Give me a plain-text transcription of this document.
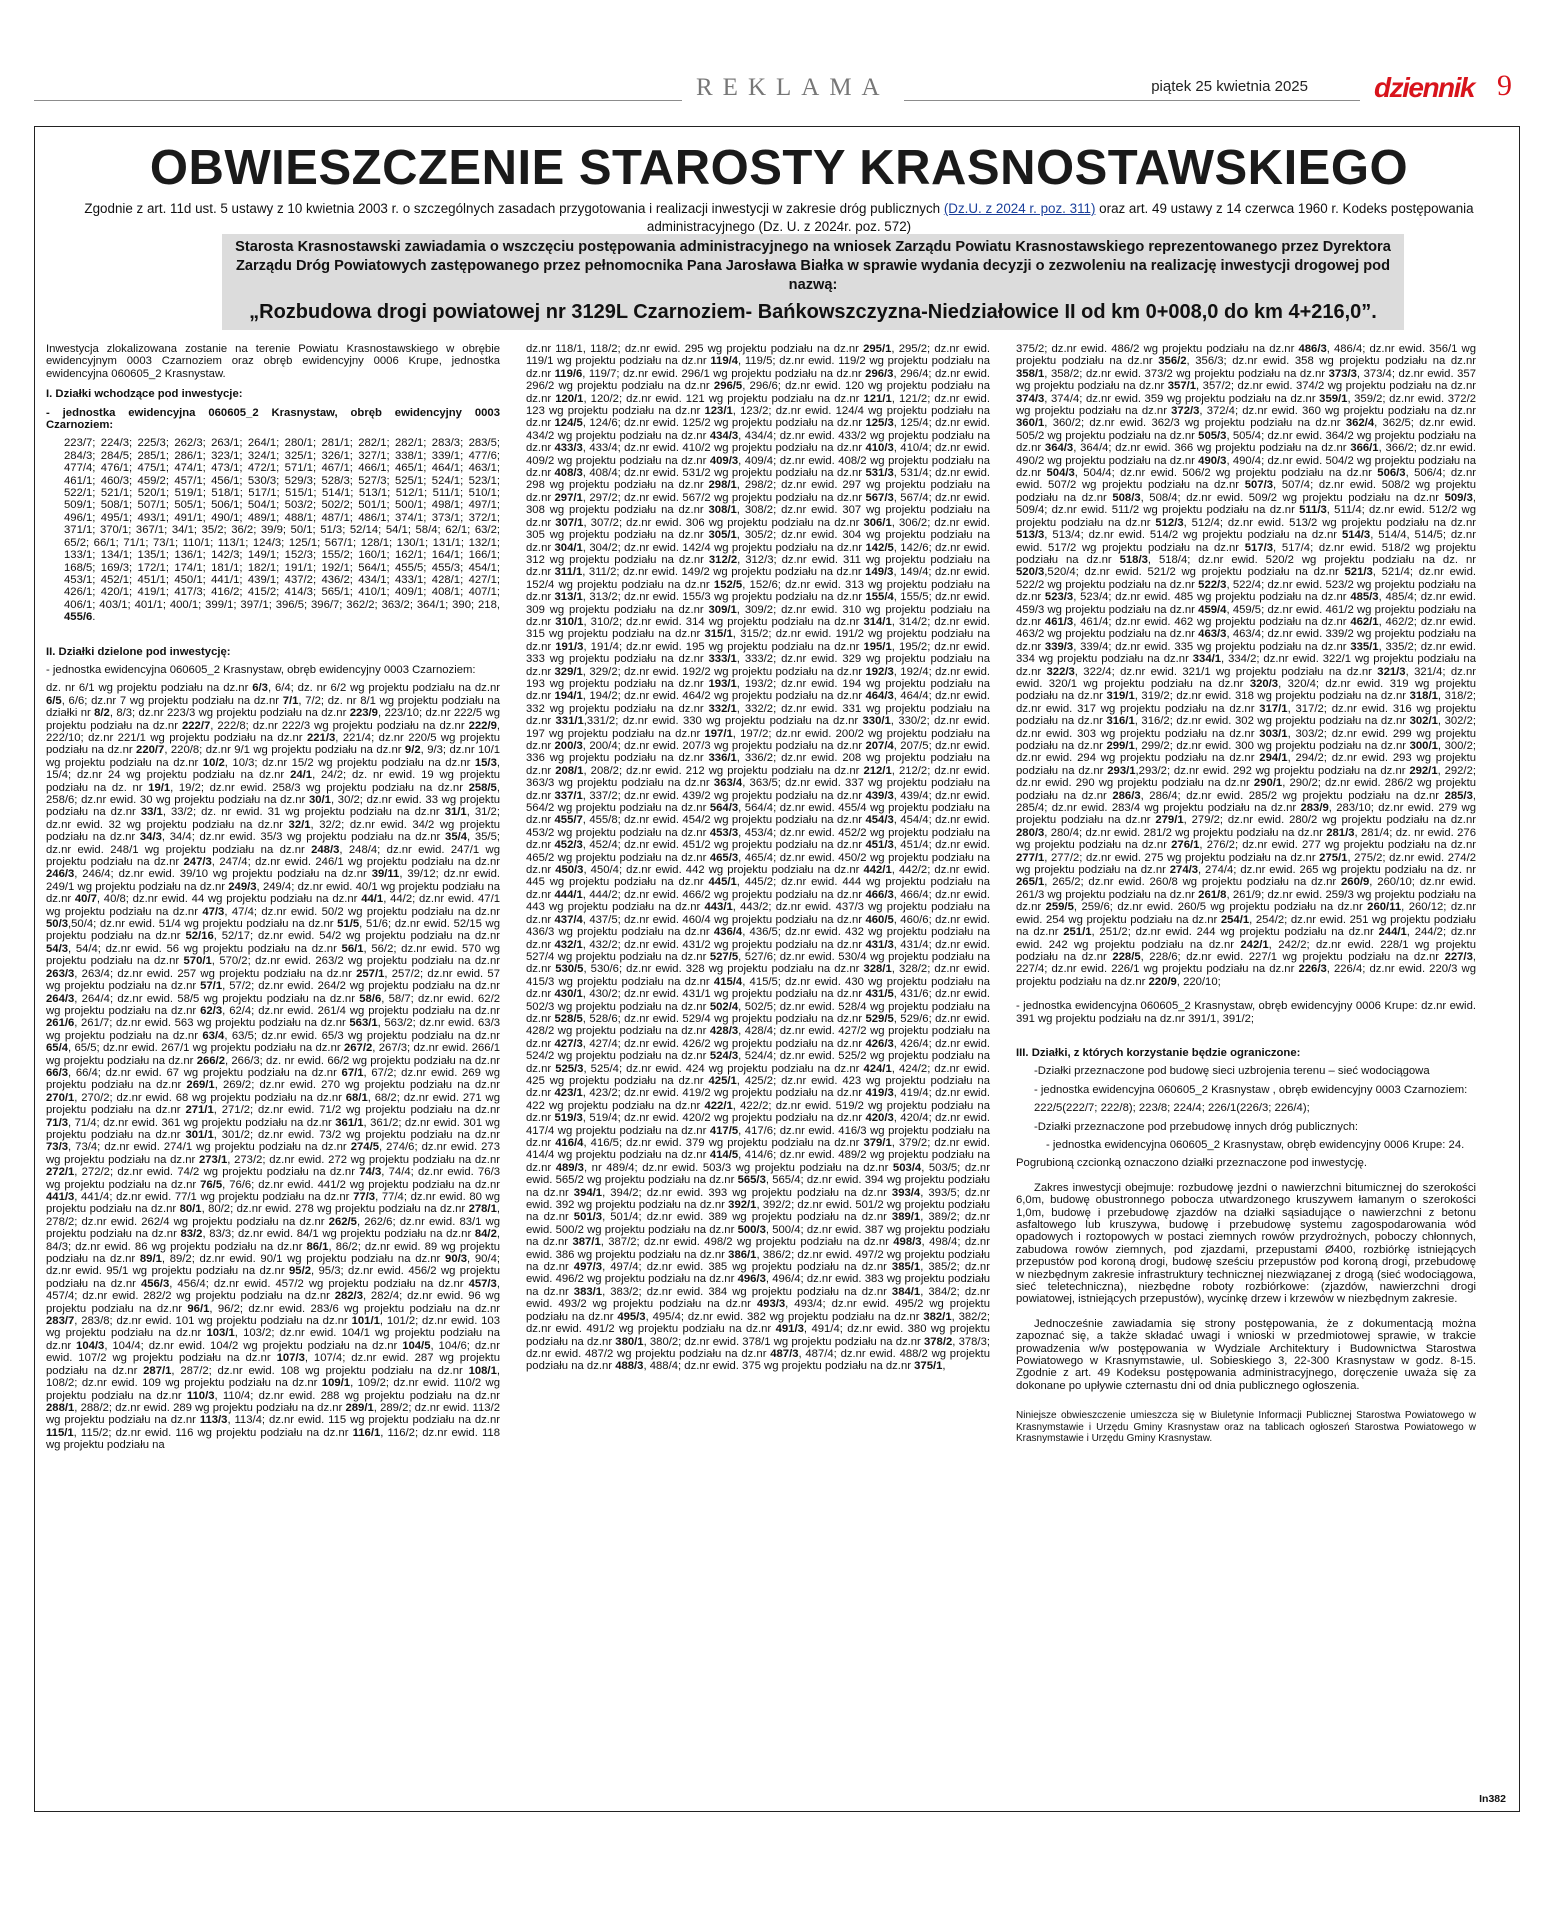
REKLAMA	piątek 25 kwietnia 2025 dziennik 9
OBWIESZCZENIE STAROSTY KRASNOSTAWSKIEGO
Zgodnie z art. 11d ust. 5 ustawy z 10 kwietnia 2003 r. o szczególnych zasadach przygotowania i realizacji inwestycji w zakresie dróg publicznych (Dz.U. z 2024 r. poz. 311) oraz art. 49 ustawy z 14 czerwca 1960 r. Kodeks postępowania administracyjnego (Dz. U. z 2024r. poz. 572)
Starosta Krasnostawski zawiadamia o wszczęciu postępowania administracyjnego na wniosek Zarządu Powiatu Krasnostawskiego reprezentowanego przez Dyrektora Zarządu Dróg Powiatowych zastępowanego przez pełnomocnika Pana Jarosława Białka w sprawie wydania decyzji o zezwoleniu na realizację inwestycji drogowej pod nazwą:
„Rozbudowa drogi powiatowej nr 3129L Czarnoziem- Bańkowszczyzna-Niedziałowice II od km 0+008,0 do km 4+216,0”.

Inwestycja zlokalizowana zostanie na terenie Powiatu Krasnostawskiego w obrębie ewidencyjnym 0003 Czarnoziem oraz obręb ewidencyjny 0006 Krupe, jednostka ewidencyjna 060605_2 Krasnystaw.

I. Działki wchodzące pod inwestycje:

- jednostka ewidencyjna 060605_2 Krasnystaw, obręb ewidencyjny 0003 Czarnoziem:

223/7; 224/3; 225/3; 262/3; 263/1; 264/1; 280/1; 281/1; 282/1; 282/1; 283/3; 283/5; 284/3; 284/5; 285/1; 286/1; 323/1; 324/1; 325/1; 326/1; 327/1; 338/1; 339/1; 477/6; 477/4; 476/1; 475/1; 474/1; 473/1; 472/1; 571/1; 467/1; 466/1; 465/1; 464/1; 463/1; 461/1; 460/3; 459/2; 457/1; 456/1; 530/3; 529/3; 528/3; 527/3; 525/1; 524/1; 523/1; 522/1; 521/1; 520/1; 519/1; 518/1; 517/1; 515/1; 514/1; 513/1; 512/1; 511/1; 510/1; 509/1; 508/1; 507/1; 505/1; 506/1; 504/1; 503/2; 502/2; 501/1; 500/1; 498/1; 497/1; 496/1; 495/1; 493/1; 491/1; 490/1; 489/1; 488/1; 487/1; 486/1; 374/1; 373/1; 372/1; 371/1; 370/1; 367/1; 34/1; 35/2; 36/2; 39/9; 50/1; 51/3; 52/14; 54/1; 58/4; 62/1; 63/2; 65/2; 66/1; 71/1; 73/1; 110/1; 113/1; 124/3; 125/1; 567/1; 128/1; 130/1; 131/1; 132/1; 133/1; 134/1; 135/1; 136/1; 142/3; 149/1; 152/3; 155/2; 160/1; 162/1; 164/1; 166/1; 168/5; 169/3; 172/1; 174/1; 181/1; 182/1; 191/1; 192/1; 564/1; 455/5; 455/3; 454/1; 453/1; 452/1; 451/1; 450/1; 441/1; 439/1; 437/2; 436/2; 434/1; 433/1; 428/1; 427/1; 426/1; 420/1; 419/1; 417/3; 416/2; 415/2; 414/3; 565/1; 410/1; 409/1; 408/1; 407/1; 406/1; 403/1; 401/1; 400/1; 399/1; 397/1; 396/5; 396/7; 362/2; 363/2; 364/1; 390; 218, 455/6.

II. Działki dzielone pod inwestycję:

- jednostka ewidencyjna 060605_2 Krasnystaw, obręb ewidencyjny 0003 Czarnoziem:

dz. nr 6/1 wg projektu podziału na dz.nr 6/3, 6/4; dz. nr 6/2 wg projektu podziału na dz.nr 6/5, 6/6; dz.nr 7 wg projektu podziału na dz.nr 7/1, 7/2; dz. nr 8/1 wg projektu podziału na działki nr 8/2, 8/3; dz.nr 223/3 wg projektu podziału na dz.nr 223/9, 223/10; dz.nr 222/5 wg projektu podziału na dz.nr 222/7, 222/8; dz.nr 222/3 wg projektu podziału na dz.nr 222/9, 222/10; dz.nr 221/1 wg projektu podziału na dz.nr 221/3, 221/4; dz.nr 220/5 wg projektu podziału na dz.nr 220/7, 220/8; dz.nr 9/1 wg projektu podziału na dz.nr 9/2, 9/3; dz.nr 10/1 wg projektu podziału na dz.nr 10/2, 10/3; dz.nr 15/2 wg projektu podziału na dz.nr 15/3, 15/4; dz.nr 24 wg projektu podziału na dz.nr 24/1, 24/2; dz. nr ewid. 19 wg projektu podziału na dz. nr 19/1, 19/2; dz.nr ewid. 258/3 wg projektu podziału na dz.nr 258/5, 258/6; dz.nr ewid. 30 wg projektu podziału na dz.nr 30/1, 30/2; dz.nr ewid. 33 wg projektu podziału na dz.nr 33/1, 33/2; dz. nr ewid. 31 wg projektu podziału na dz.nr 31/1, 31/2; dz.nr ewid. 32 wg projektu podziału na dz.nr 32/1, 32/2; dz.nr ewid. 34/2 wg projektu podziału na dz.nr 34/3, 34/4; dz.nr ewid. 35/3 wg projektu podziału na dz.nr 35/4, 35/5; dz.nr ewid. 248/1 wg projektu podziału na dz.nr 248/3, 248/4; dz.nr ewid. 247/1 wg projektu podziału na dz.nr 247/3, 247/4; dz.nr ewid. 246/1 wg projektu podziału na dz.nr 246/3, 246/4; dz.nr ewid. 39/10 wg projektu podziału na dz.nr 39/11, 39/12; dz.nr ewid. 249/1 wg projektu podziału na dz.nr 249/3, 249/4; dz.nr ewid. 40/1 wg projektu podziału na dz.nr 40/7, 40/8; dz.nr ewid. 44 wg projektu podziału na dz.nr 44/1, 44/2; dz.nr ewid. 47/1 wg projektu podziału na dz.nr 47/3, 47/4; dz.nr ewid. 50/2 wg projektu podziału na dz.nr 50/3,50/4; dz.nr ewid. 51/4 wg projektu podziału na dz.nr 51/5, 51/6; dz.nr ewid. 52/15 wg projektu podziału na dz.nr 52/16, 52/17; dz.nr ewid. 54/2 wg projektu podziału na dz.nr 54/3, 54/4; dz.nr ewid. 56 wg projektu podziału na dz.nr 56/1, 56/2; dz.nr ewid. 570 wg projektu podziału na dz.nr 570/1, 570/2; dz.nr ewid. 263/2 wg projektu podziału na dz.nr 263/3, 263/4; dz.nr ewid. 257 wg projektu podziału na dz.nr 257/1, 257/2; dz.nr ewid. 57 wg projektu podziału na dz.nr 57/1, 57/2; dz.nr ewid. 264/2 wg projektu podziału na dz.nr 264/3, 264/4; dz.nr ewid. 58/5 wg projektu podziału na dz.nr 58/6, 58/7; dz.nr ewid. 62/2 wg projektu podziału na dz.nr 62/3, 62/4; dz.nr ewid. 261/4 wg projektu podziału na dz.nr 261/6, 261/7; dz.nr ewid. 563 wg projektu podziału na dz.nr 563/1, 563/2; dz.nr ewid. 63/3 wg projektu podziału na dz.nr 63/4, 63/5; dz.nr ewid. 65/3 wg projektu podziału na dz.nr 65/4, 65/5; dz.nr ewid. 267/1 wg projektu podziału na dz.nr 267/2, 267/3; dz.nr ewid. 266/1 wg projektu podziału na dz.nr 266/2, 266/3; dz. nr ewid. 66/2 wg projektu podziału na dz.nr 66/3, 66/4; dz.nr ewid. 67 wg projektu podziału na dz.nr 67/1, 67/2; dz.nr ewid. 269 wg projektu podziału na dz.nr 269/1, 269/2; dz.nr ewid. 270 wg projektu podziału na dz.nr 270/1, 270/2; dz.nr ewid. 68 wg projektu podziału na dz.nr 68/1, 68/2; dz.nr ewid. 271 wg projektu podziału na dz.nr 271/1, 271/2; dz.nr ewid. 71/2 wg projektu podziału na dz.nr 71/3, 71/4; dz.nr ewid. 361 wg projektu podziału na dz.nr 361/1, 361/2; dz.nr ewid. 301 wg projektu podziału na dz.nr 301/1, 301/2; dz.nr ewid. 73/2 wg projektu podziału na dz.nr 73/3, 73/4; dz.nr ewid. 274/1 wg projektu podziału na dz.nr 274/5, 274/6; dz.nr ewid. 273 wg projektu podziału na dz.nr 273/1, 273/2; dz.nr ewid. 272 wg projektu podziału na dz.nr 272/1, 272/2; dz.nr ewid. 74/2 wg projektu podziału na dz.nr 74/3, 74/4; dz.nr ewid. 76/3 wg projektu podziału na dz.nr 76/5, 76/6; dz.nr ewid. 441/2 wg projektu podziału na dz.nr 441/3, 441/4; dz.nr ewid. 77/1 wg projektu podziału na dz.nr 77/3, 77/4; dz.nr ewid. 80 wg projektu podziału na dz.nr 80/1, 80/2; dz.nr ewid. 278 wg projektu podziału na dz.nr 278/1, 278/2; dz.nr ewid. 262/4 wg projektu podziału na dz.nr 262/5, 262/6; dz.nr ewid. 83/1 wg projektu podziału na dz.nr 83/2, 83/3; dz.nr ewid. 84/1 wg projektu podziału na dz.nr 84/2, 84/3; dz.nr ewid. 86 wg projektu podziału na dz.nr 86/1, 86/2; dz.nr ewid. 89 wg projektu podziału na dz.nr 89/1, 89/2; dz.nr ewid. 90/1 wg projektu podziału na dz.nr 90/3, 90/4; dz.nr ewid. 95/1 wg projektu podziału na dz.nr 95/2, 95/3; dz.nr ewid. 456/2 wg projektu podziału na dz.nr 456/3, 456/4; dz.nr ewid. 457/2 wg projektu podziału na dz.nr 457/3, 457/4; dz.nr ewid. 282/2 wg projektu podziału na dz.nr 282/3, 282/4; dz.nr ewid. 96 wg projektu podziału na dz.nr 96/1, 96/2; dz.nr ewid. 283/6 wg projektu podziału na dz.nr 283/7, 283/8; dz.nr ewid. 101 wg projektu podziału na dz.nr 101/1, 101/2; dz.nr ewid. 103 wg projektu podziału na dz.nr 103/1, 103/2; dz.nr ewid. 104/1 wg projektu podziału na dz.nr 104/3, 104/4; dz.nr ewid. 104/2 wg projektu podziału na dz.nr 104/5, 104/6; dz.nr ewid. 107/2 wg projektu podziału na dz.nr 107/3, 107/4; dz.nr ewid. 287 wg projektu podziału na dz.nr 287/1, 287/2; dz.nr ewid. 108 wg projektu podziału na dz.nr 108/1, 108/2; dz.nr ewid. 109 wg projektu podziału na dz.nr 109/1, 109/2; dz.nr ewid. 110/2 wg projektu podziału na dz.nr 110/3, 110/4; dz.nr ewid. 288 wg projektu podziału na dz.nr 288/1, 288/2; dz.nr ewid. 289 wg projektu podziału na dz.nr 289/1, 289/2; dz.nr ewid. 113/2 wg projektu podziału na dz.nr 113/3, 113/4; dz.nr ewid. 115 wg projektu podziału na dz.nr 115/1, 115/2; dz.nr ewid. 116 wg projektu podziału na dz.nr 116/1, 116/2; dz.nr ewid. 118 wg projektu podziału na

dz.nr 118/1, 118/2; dz.nr ewid. 295 wg projektu podziału na dz.nr 295/1, 295/2; dz.nr ewid. 119/1 wg projektu podziału na dz.nr 119/4, 119/5; dz.nr ewid. 119/2 wg projektu podziału na dz.nr 119/6, 119/7; dz.nr ewid. 296/1 wg projektu podziału na dz.nr 296/3, 296/4; dz.nr ewid. 296/2 wg projektu podziału na dz.nr 296/5, 296/6; dz.nr ewid. 120 wg projektu podziału na dz.nr 120/1, 120/2; dz.nr ewid. 121 wg projektu podziału na dz.nr 121/1, 121/2; dz.nr ewid. 123 wg projektu podziału na dz.nr 123/1, 123/2; dz.nr ewid. 124/4 wg projektu podziału na dz.nr 124/5, 124/6; dz.nr ewid. 125/2 wg projektu podziału na dz.nr 125/3, 125/4; dz.nr ewid. 434/2 wg projektu podziału na dz.nr 434/3, 434/4; dz.nr ewid. 433/2 wg projektu podziału na dz.nr 433/3, 433/4; dz.nr ewid. 410/2 wg projektu podziału na dz.nr 410/3, 410/4; dz.nr ewid. 409/2 wg projektu podziału na dz.nr 409/3, 409/4; dz.nr ewid. 408/2 wg projektu podziału na dz.nr 408/3, 408/4; dz.nr ewid. 531/2 wg projektu podziału na dz.nr 531/3, 531/4; dz.nr ewid. 298 wg projektu podziału na dz.nr 298/1, 298/2; dz.nr ewid. 297 wg projektu podziału na dz.nr 297/1, 297/2; dz.nr ewid. 567/2 wg projektu podziału na dz.nr 567/3, 567/4; dz.nr ewid. 308 wg projektu podziału na dz.nr 308/1, 308/2; dz.nr ewid. 307 wg projektu podziału na dz.nr 307/1, 307/2; dz.nr ewid. 306 wg projektu podziału na dz.nr 306/1, 306/2; dz.nr ewid. 305 wg projektu podziału na dz.nr 305/1, 305/2; dz.nr ewid. 304 wg projektu podziału na dz.nr 304/1, 304/2; dz.nr ewid. 142/4 wg projektu podziału na dz.nr 142/5, 142/6; dz.nr ewid. 312 wg projektu podziału na dz.nr 312/2, 312/3; dz.nr ewid. 311 wg projektu podziału na dz.nr 311/1, 311/2; dz.nr ewid. 149/2 wg projektu podziału na dz.nr 149/3, 149/4; dz.nr ewid. 152/4 wg projektu podziału na dz.nr 152/5, 152/6; dz.nr ewid. 313 wg projektu podziału na dz.nr 313/1, 313/2; dz.nr ewid. 155/3 wg projektu podziału na dz.nr 155/4, 155/5; dz.nr ewid. 309 wg projektu podziału na dz.nr 309/1, 309/2; dz.nr ewid. 310 wg projektu podziału na dz.nr 310/1, 310/2; dz.nr ewid. 314 wg projektu podziału na dz.nr 314/1, 314/2; dz.nr ewid. 315 wg projektu podziału na dz.nr 315/1, 315/2; dz.nr ewid. 191/2 wg projektu podziału na dz.nr 191/3, 191/4; dz.nr ewid. 195 wg projektu podziału na dz.nr 195/1, 195/2; dz.nr ewid. 333 wg projektu podziału na dz.nr 333/1, 333/2; dz.nr ewid. 329 wg projektu podziału na dz.nr 329/1, 329/2; dz.nr ewid. 192/2 wg projektu podziału na dz.nr 192/3, 192/4; dz.nr ewid. 193 wg projektu podziału na dz.nr 193/1, 193/2; dz.nr ewid. 194 wg projektu podziału na dz.nr 194/1, 194/2; dz.nr ewid. 464/2 wg projektu podziału na dz.nr 464/3, 464/4; dz.nr ewid. 332 wg projektu podziału na dz.nr 332/1, 332/2; dz.nr ewid. 331 wg projektu podziału na dz.nr 331/1,331/2; dz.nr ewid. 330 wg projektu podziału na dz.nr 330/1, 330/2; dz.nr ewid. 197 wg projektu podziału na dz.nr 197/1, 197/2; dz.nr ewid. 200/2 wg projektu podziału na dz.nr 200/3, 200/4; dz.nr ewid. 207/3 wg projektu podziału na dz.nr 207/4, 207/5; dz.nr ewid. 336 wg projektu podziału na dz.nr 336/1, 336/2; dz.nr ewid. 208 wg projektu podziału na dz.nr 208/1, 208/2; dz.nr ewid. 212 wg projektu podziału na dz.nr 212/1, 212/2; dz.nr ewid. 363/3 wg projektu podziału na dz.nr 363/4, 363/5; dz.nr ewid. 337 wg projektu podziału na dz.nr 337/1, 337/2; dz.nr ewid. 439/2 wg projektu podziału na dz.nr 439/3, 439/4; dz.nr ewid. 564/2 wg projektu podziału na dz.nr 564/3, 564/4; dz.nr ewid. 455/4 wg projektu podziału na dz.nr 455/7, 455/8; dz.nr ewid. 454/2 wg projektu podziału na dz.nr 454/3, 454/4; dz.nr ewid. 453/2 wg projektu podziału na dz.nr 453/3, 453/4; dz.nr ewid. 452/2 wg projektu podziału na dz.nr 452/3, 452/4; dz.nr ewid. 451/2 wg projektu podziału na dz.nr 451/3, 451/4; dz.nr ewid. 465/2 wg projektu podziału na dz.nr 465/3, 465/4; dz.nr ewid. 450/2 wg projektu podziału na dz.nr 450/3, 450/4; dz.nr ewid. 442 wg projektu podziału na dz.nr 442/1, 442/2; dz.nr ewid. 445 wg projektu podziału na dz.nr 445/1, 445/2; dz.nr ewid. 444 wg projektu podziału na dz.nr 444/1, 444/2; dz.nr ewid. 466/2 wg projektu podziału na dz.nr 466/3, 466/4; dz.nr ewid. 443 wg projektu podziału na dz.nr 443/1, 443/2; dz.nr ewid. 437/3 wg projektu podziału na dz.nr 437/4, 437/5; dz.nr ewid. 460/4 wg projektu podziału na dz.nr 460/5, 460/6; dz.nr ewid. 436/3 wg projektu podziału na dz.nr 436/4, 436/5; dz.nr ewid. 432 wg projektu podziału na dz.nr 432/1, 432/2; dz.nr ewid. 431/2 wg projektu podziału na dz.nr 431/3, 431/4; dz.nr ewid. 527/4 wg projektu podziału na dz.nr 527/5, 527/6; dz.nr ewid. 530/4 wg projektu podziału na dz.nr 530/5, 530/6; dz.nr ewid. 328 wg projektu podziału na dz.nr 328/1, 328/2; dz.nr ewid. 415/3 wg projektu podziału na dz.nr 415/4, 415/5; dz.nr ewid. 430 wg projektu podziału na dz.nr 430/1, 430/2; dz.nr ewid. 431/1 wg projektu podziału na dz.nr 431/5, 431/6; dz.nr ewid. 502/3 wg projektu podziału na dz.nr 502/4, 502/5; dz.nr ewid. 528/4 wg projektu podziału na dz.nr 528/5, 528/6; dz.nr ewid. 529/4 wg projektu podziału na dz.nr 529/5, 529/6; dz.nr ewid. 428/2 wg projektu podziału na dz.nr 428/3, 428/4; dz.nr ewid. 427/2 wg projektu podziału na dz.nr 427/3, 427/4; dz.nr ewid. 426/2 wg projektu podziału na dz.nr 426/3, 426/4; dz.nr ewid. 524/2 wg projektu podziału na dz.nr 524/3, 524/4; dz.nr ewid. 525/2 wg projektu podziału na dz.nr 525/3, 525/4; dz.nr ewid. 424 wg projektu podziału na dz.nr 424/1, 424/2; dz.nr ewid. 425 wg projektu podziału na dz.nr 425/1, 425/2; dz.nr ewid. 423 wg projektu podziału na dz.nr 423/1, 423/2; dz.nr ewid. 419/2 wg projektu podziału na dz.nr 419/3, 419/4; dz.nr ewid. 422 wg projektu podziału na dz.nr 422/1, 422/2; dz.nr ewid. 519/2 wg projektu podziału na dz.nr 519/3, 519/4; dz.nr ewid. 420/2 wg projektu podziału na dz.nr 420/3, 420/4; dz.nr ewid. 417/4 wg projektu podziału na dz.nr 417/5, 417/6; dz.nr ewid. 416/3 wg projektu podziału na dz.nr 416/4, 416/5; dz.nr ewid. 379 wg projektu podziału na dz.nr 379/1, 379/2; dz.nr ewid. 414/4 wg projektu podziału na dz.nr 414/5, 414/6; dz.nr ewid. 489/2 wg projektu podziału na dz.nr 489/3, nr 489/4; dz.nr ewid. 503/3 wg projektu podziału na dz.nr 503/4, 503/5; dz.nr ewid. 565/2 wg projektu podziału na dz.nr 565/3, 565/4; dz.nr ewid. 394 wg projektu podziału na dz.nr 394/1, 394/2; dz.nr ewid. 393 wg projektu podziału na dz.nr 393/4, 393/5; dz.nr ewid. 392 wg projektu podziału na dz.nr 392/1, 392/2; dz.nr ewid. 501/2 wg projektu podziału na dz.nr 501/3, 501/4; dz.nr ewid. 389 wg projektu podziału na dz.nr 389/1, 389/2; dz.nr ewid. 500/2 wg projektu podziału na dz.nr 500/3, 500/4; dz.nr ewid. 387 wg projektu podziału na dz.nr 387/1, 387/2; dz.nr ewid. 498/2 wg projektu podziału na dz.nr 498/3, 498/4; dz.nr ewid. 386 wg projektu podziału na dz.nr 386/1, 386/2; dz.nr ewid. 497/2 wg projektu podziału na dz.nr 497/3, 497/4; dz.nr ewid. 385 wg projektu podziału na dz.nr 385/1, 385/2; dz.nr ewid. 496/2 wg projektu podziału na dz.nr 496/3, 496/4; dz.nr ewid. 383 wg projektu podziału na dz.nr 383/1, 383/2; dz.nr ewid. 384 wg projektu podziału na dz.nr 384/1, 384/2; dz.nr ewid. 493/2 wg projektu podziału na dz.nr 493/3, 493/4; dz.nr ewid. 495/2 wg projektu podziału na dz.nr 495/3, 495/4; dz.nr ewid. 382 wg projektu podziału na dz.nr 382/1, 382/2; dz.nr ewid. 491/2 wg projektu podziału na dz.nr 491/3, 491/4; dz.nr ewid. 380 wg projektu podziału na dz.nr 380/1, 380/2; dz.nr ewid. 378/1 wg projektu podziału na dz.nr 378/2, 378/3; dz.nr ewid. 487/2 wg projektu podziału na dz.nr 487/3, 487/4; dz.nr ewid. 488/2 wg projektu podziału na dz.nr 488/3, 488/4; dz.nr ewid. 375 wg projektu podziału na dz.nr 375/1,

375/2; dz.nr ewid. 486/2 wg projektu podziału na dz.nr 486/3, 486/4; dz.nr ewid. 356/1 wg projektu podziału na dz.nr 356/2, 356/3; dz.nr ewid. 358 wg projektu podziału na dz.nr 358/1, 358/2; dz.nr ewid. 373/2 wg projektu podziału na dz.nr 373/3, 373/4; dz.nr ewid. 357 wg projektu podziału na dz.nr 357/1, 357/2; dz.nr ewid. 374/2 wg projektu podziału na dz.nr 374/3, 374/4; dz.nr ewid. 359 wg projektu podziału na dz.nr 359/1, 359/2; dz.nr ewid. 372/2 wg projektu podziału na dz.nr 372/3, 372/4; dz.nr ewid. 360 wg projektu podziału na dz.nr 360/1, 360/2; dz.nr ewid. 362/3 wg projektu podziału na dz.nr 362/4, 362/5; dz.nr ewid. 505/2 wg projektu podziału na dz.nr 505/3, 505/4; dz.nr ewid. 364/2 wg projektu podziału na dz.nr 364/3, 364/4; dz.nr ewid. 366 wg projektu podziału na dz.nr 366/1, 366/2; dz.nr ewid. 490/2 wg projektu podziału na dz.nr 490/3, 490/4; dz.nr ewid. 504/2 wg projektu podziału na dz.nr 504/3, 504/4; dz.nr ewid. 506/2 wg projektu podziału na dz.nr 506/3, 506/4; dz.nr ewid. 507/2 wg projektu podziału na dz.nr 507/3, 507/4; dz.nr ewid. 508/2 wg projektu podziału na dz.nr 508/3, 508/4; dz.nr ewid. 509/2 wg projektu podziału na dz.nr 509/3, 509/4; dz.nr ewid. 511/2 wg projektu podziału na dz.nr 511/3, 511/4; dz.nr ewid. 512/2 wg projektu podziału na dz.nr 512/3, 512/4; dz.nr ewid. 513/2 wg projektu podziału na dz.nr 513/3, 513/4; dz.nr ewid. 514/2 wg projektu podziału na dz.nr 514/3, 514/4, 514/5; dz.nr ewid. 517/2 wg projektu podziału na dz.nr 517/3, 517/4; dz.nr ewid. 518/2 wg projektu podziału na dz.nr 518/3, 518/4; dz.nr ewid. 520/2 wg projektu podziału na dz. nr 520/3,520/4; dz.nr ewid. 521/2 wg projektu podziału na dz.nr 521/3, 521/4; dz.nr ewid. 522/2 wg projektu podziału na dz.nr 522/3, 522/4; dz.nr ewid. 523/2 wg projektu podziału na dz.nr 523/3, 523/4; dz.nr ewid. 485 wg projektu podziału na dz.nr 485/3, 485/4; dz.nr ewid. 459/3 wg projektu podziału na dz.nr 459/4, 459/5; dz.nr ewid. 461/2 wg projektu podziału na dz.nr 461/3, 461/4; dz.nr ewid. 462 wg projektu podziału na dz.nr 462/1, 462/2; dz.nr ewid. 463/2 wg projektu podziału na dz.nr 463/3, 463/4; dz.nr ewid. 339/2 wg projektu podziału na dz.nr 339/3, 339/4; dz.nr ewid. 335 wg projektu podziału na dz.nr 335/1, 335/2; dz.nr ewid. 334 wg projektu podziału na dz.nr 334/1, 334/2; dz.nr ewid. 322/1 wg projektu podziału na dz.nr 322/3, 322/4; dz.nr ewid. 321/1 wg projektu podziału na dz.nr 321/3, 321/4; dz.nr ewid. 320/1 wg projektu podziału na dz.nr 320/3, 320/4; dz.nr ewid. 319 wg projektu podziału na dz.nr 319/1, 319/2; dz.nr ewid. 318 wg projektu podziału na dz.nr 318/1, 318/2; dz.nr ewid. 317 wg projektu podziału na dz.nr 317/1, 317/2; dz.nr ewid. 316 wg projektu podziału na dz.nr 316/1, 316/2; dz.nr ewid. 302 wg projektu podziału na dz.nr 302/1, 302/2; dz.nr ewid. 303 wg projektu podziału na dz.nr 303/1, 303/2; dz.nr ewid. 299 wg projektu podziału na dz.nr 299/1, 299/2; dz.nr ewid. 300 wg projektu podziału na dz.nr 300/1, 300/2; dz.nr ewid. 294 wg projektu podziału na dz.nr 294/1, 294/2; dz.nr ewid. 293 wg projektu podziału na dz.nr 293/1,293/2; dz.nr ewid. 292 wg projektu podziału na dz.nr 292/1, 292/2; dz.nr ewid. 290 wg projektu podziału na dz.nr 290/1, 290/2; dz.nr ewid. 286/2 wg projektu podziału na dz.nr 286/3, 286/4; dz.nr ewid. 285/2 wg projektu podziału na dz.nr 285/3, 285/4; dz.nr ewid. 283/4 wg projektu podziału na dz.nr 283/9, 283/10; dz.nr ewid. 279 wg projektu podziału na dz.nr 279/1, 279/2; dz.nr ewid. 280/2 wg projektu podziału na dz.nr 280/3, 280/4; dz.nr ewid. 281/2 wg projektu podziału na dz.nr 281/3, 281/4; dz. nr ewid. 276 wg projektu podziału na dz.nr 276/1, 276/2; dz.nr ewid. 277 wg projektu podziału na dz.nr 277/1, 277/2; dz.nr ewid. 275 wg projektu podziału na dz.nr 275/1, 275/2; dz.nr ewid. 274/2 wg projektu podziału na dz.nr 274/3, 274/4; dz.nr ewid. 265 wg projektu podziału na dz. nr 265/1, 265/2; dz.nr ewid. 260/8 wg projektu podziału na dz.nr 260/9, 260/10; dz.nr ewid. 261/3 wg projektu podziału na dz.nr 261/8, 261/9; dz.nr ewid. 259/3 wg projektu podziału na dz.nr 259/5, 259/6; dz.nr ewid. 260/5 wg projektu podziału na dz.nr 260/11, 260/12; dz.nr ewid. 254 wg projektu podziału na dz.nr 254/1, 254/2; dz.nr ewid. 251 wg projektu podziału na dz.nr 251/1, 251/2; dz.nr ewid. 244 wg projektu podziału na dz.nr 244/1, 244/2; dz.nr ewid. 242 wg projektu podziału na dz.nr 242/1, 242/2; dz.nr ewid. 228/1 wg projektu podziału na dz.nr 228/5, 228/6; dz.nr ewid. 227/1 wg projektu podziału na dz.nr 227/3, 227/4; dz.nr ewid. 226/1 wg projektu podziału na dz.nr 226/3, 226/4; dz.nr ewid. 220/3 wg projektu podziału na dz.nr 220/9, 220/10;

- jednostka ewidencyjna 060605_2 Krasnystaw, obręb ewidencyjny 0006 Krupe: dz.nr ewid. 391 wg projektu podziału na dz.nr 391/1, 391/2;

III. Działki, z których korzystanie będzie ograniczone:

-Działki przeznaczone pod budowę sieci uzbrojenia terenu – sieć wodociągowa

- jednostka ewidencyjna 060605_2 Krasnystaw , obręb ewidencyjny 0003 Czarnoziem:

222/5(222/7; 222/8); 223/8; 224/4; 226/1(226/3; 226/4);

-Działki przeznaczone pod przebudowę innych dróg publicznych:

- jednostka ewidencyjna 060605_2 Krasnystaw, obręb ewidencyjny 0006 Krupe: 24.

Pogrubioną czcionką oznaczono działki przeznaczone pod inwestycję.

Zakres inwestycji obejmuje: rozbudowę jezdni o nawierzchni bitumicznej do szerokości 6,0m, budowę obustronnego pobocza utwardzonego kruszywem łamanym o szerokości 1,0m, budowę i przebudowę zjazdów na działki sąsiadujące o nawierzchni z betonu asfaltowego lub kruszywa, budowę i przebudowę systemu zagospodarowania wód opadowych i roztopowych w postaci ziemnych rowów przydrożnych, poboczy chłonnych, zabudowa rowów ziemnych, pod zjazdami, przepustami Ø400, rozbiórkę istniejących przepustów pod koroną drogi, budowę sześciu przepustów pod koroną drogi, przebudowę w niezbędnym zakresie infrastruktury technicznej niezwiązanej z drogą (sieć wodociągowa, sieć teletechniczna), niezbędne roboty rozbiórkowe: (zjazdów, nawierzchni drogi powiatowej, istniejących przepustów), wycinkę drzew i krzewów w niezbędnym zakresie.

Jednocześnie zawiadamia się strony postępowania, że z dokumentacją można zapoznać się, a także składać uwagi i wnioski w przedmiotowej sprawie, w trakcie prowadzenia w/w postępowania w Wydziale Architektury i Budownictwa Starostwa Powiatowego w Krasnymstawie, ul. Sobieskiego 3, 22-300 Krasnystaw w godz. 8-15. Zgodnie z art. 49 Kodeksu postępowania administracyjnego, doręczenie uważa się za dokonane po upływie czternastu dni od dnia publicznego ogłoszenia.

Niniejsze obwieszczenie umieszcza się w Biuletynie Informacji Publicznej Starostwa Powiatowego w Krasnymstawie i Urzędu Gminy Krasnystaw oraz na tablicach ogłoszeń Starostwa Powiatowego w Krasnymstawie i Urzędu Gminy Krasnystaw.

In382
